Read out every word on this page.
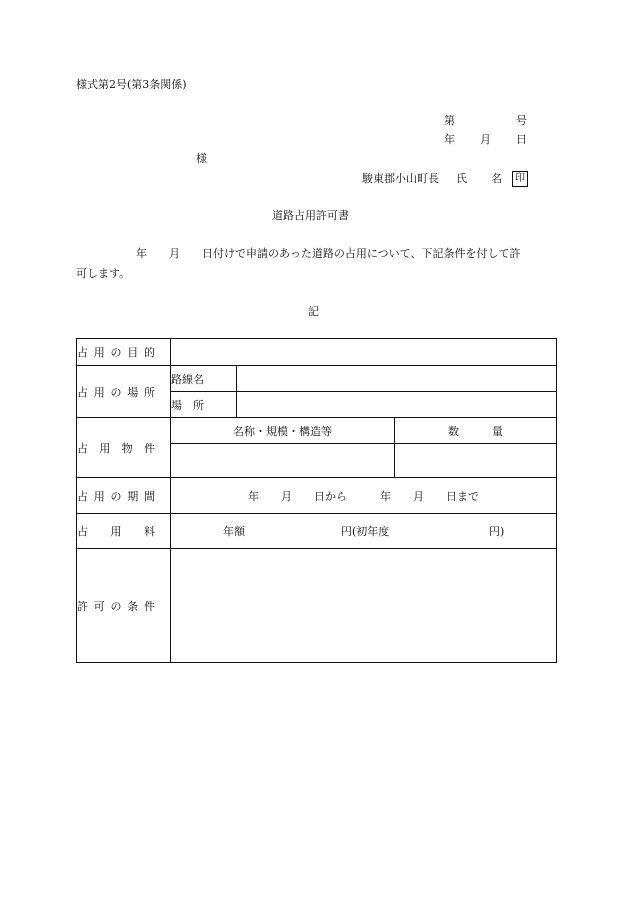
様式第2号(第3条関係)
第	号
年 月 日
様
駿東郡小山町長 氏 名	印
道路占用許可書
年　　月　　日付けで申請のあった道路の占用について、下記条件を付して許
可します。
記
占 用 の 目 的			

占 用 の 場 所	路線名		
	場　所		

占 用 物 件	名称・規模・構造等		数　　　量

占 用 の 期 間	年　　月　　日から　　　年　　月　　日まで		

占 用 料	年額 円(初年度 円)		

許 可 の 条 件			
